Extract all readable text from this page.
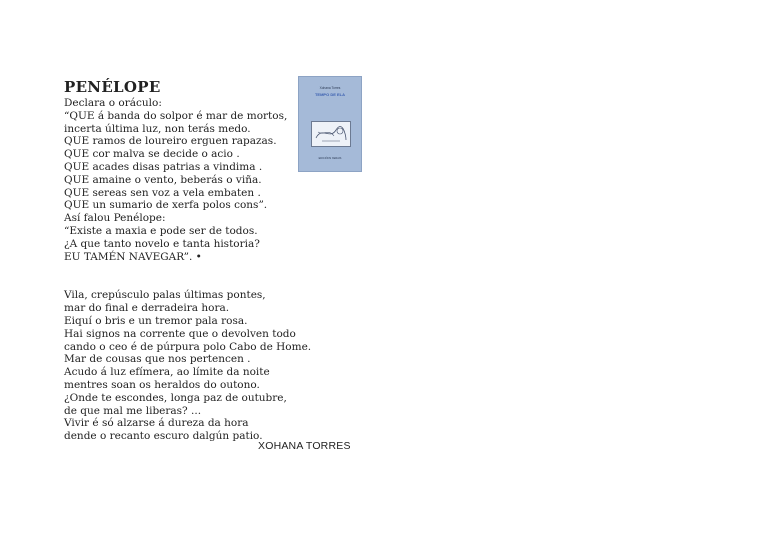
PENÉLOPE
Declara o oráculo:
“QUE á banda do solpor é mar de mortos,
incerta última luz, non terás medo.
QUE ramos de loureiro erguen rapazas.
QUE cor malva se decide o acio .
QUE acades disas patrias a vindima .
QUE amaine o vento, beberás o viña.
QUE sereas sen voz a vela embaten .
QUE un sumario de xerfa polos cons”.
Así falou Penélope:
“Existe a maxia e pode ser de todos.
¿A que tanto novelo e tanta historia?
EU TAMÉN NAVEGAR”. •
Vila, crepúsculo palas últimas pontes,
mar do final e derradeira hora.
Eiquí o bris e un tremor pala rosa.
Hai signos na corrente que o devolven todo
cando o ceo é de púrpura polo Cabo de Home.
Mar de cousas que nos pertencen .
Acudo á luz efímera, ao límite da noite
mentres soan os heraldos do outono.
¿Onde te escondes, longa paz de outubre,
de que mal me liberas? ...
Vivir é só alzarse á dureza da hora
dende o recanto escuro dalgún patio.
XOHANA TORRES
Xohana Torres
TEMPO DE ELA
EDICIÓNS XERAIS
